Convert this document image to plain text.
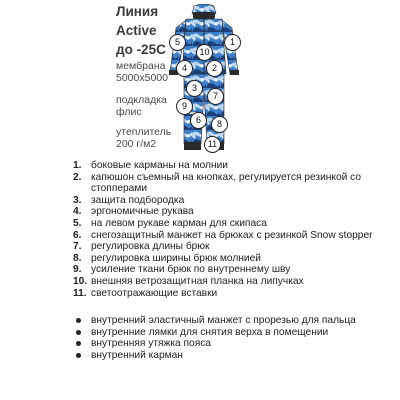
Линия
Active
до -25С
мембрана
5000х5000
подкладка
флис
утеплитель
200 г/м2
5	1
10
2
4
3
7
9
8
6
11
1. боковые карманы на молнии
2. капюшон съемный на кнопках, регулируется резинкой со стопперами
3. защита подбородка
4. эргономичные рукава
5. на левом рукаве карман для скипаса
6. снегозащитный манжет на брюках с резинкой Snow stopper
7. регулировка длины брюк
8. регулировка ширины брюк молнией
9. усиление ткани брюк по внутреннему шву
10. внешняя ветрозащитная планка на липучках
11. светоотражающие вставки
внутренний эластичный манжет с прорезью для пальца
внутренние лямки для снятия верха в помещении
внутренняя утяжка пояса
внутренний карман
